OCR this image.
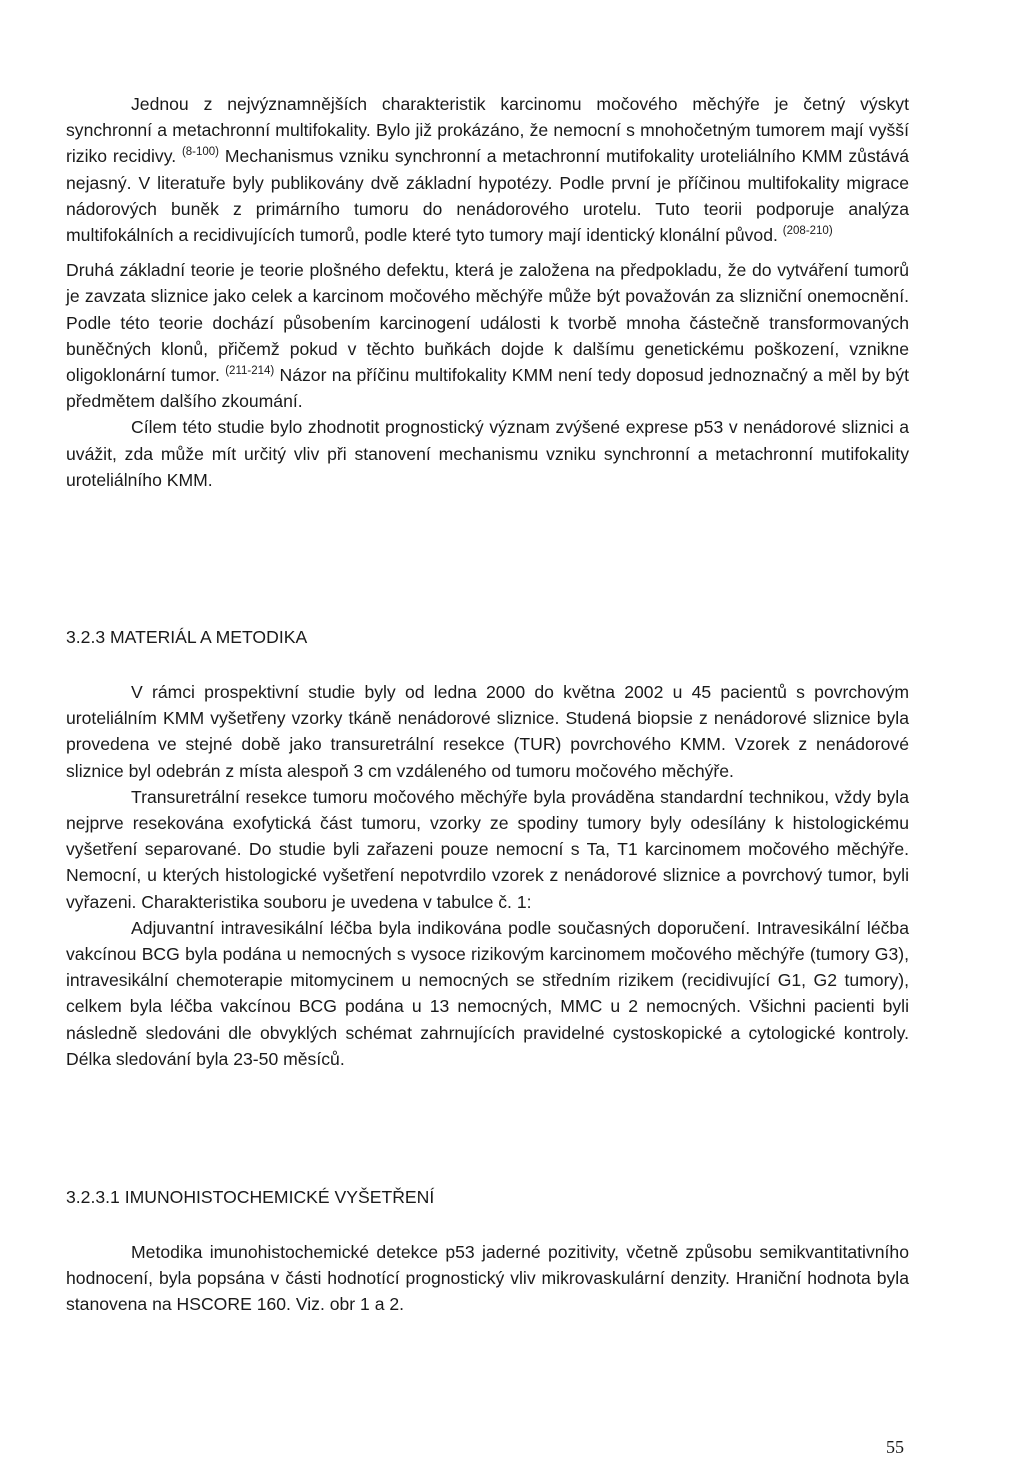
Jednou z nejvýznamnějších charakteristik karcinomu močového měchýře je četný výskyt synchronní a metachronní multifokality. Bylo již prokázáno, že nemocní s mnohočetným tumorem mají vyšší riziko recidivy. $^{(8-100)}$ Mechanismus vzniku synchronní a metachronní mutifokality uroteliálního KMM zůstává nejasný. V literatuře byly publikovány dvě základní hypotézy. Podle první je příčinou multifokality migrace nádorových buněk z primárního tumoru do nenádorového urotelu. Tuto teorii podporuje analýza multifokálních a recidivujících tumorů, podle které tyto tumory mají identický klonální původ. $^{(208-210)}$

Druhá základní teorie je teorie plošného defektu, která je založena na předpokladu, že do vytváření tumorů je zavzata sliznice jako celek a karcinom močového měchýře může být považován za slizniční onemocnění. Podle této teorie dochází působením karcinogení události k tvorbě mnoha částečně transformovaných buněčných klonů, přičemž pokud v těchto buňkách dojde k dalšímu genetickému poškození, vznikne oligoklonární tumor. $^{(211-214)}$ Názor na příčinu multifokality KMM není tedy doposud jednoznačný a měl by být předmětem dalšího zkoumání.

Cílem této studie bylo zhodnotit prognostický význam zvýšené exprese p53 v nenádorové sliznici a uvážit, zda může mít určitý vliv při stanovení mechanismu vzniku synchronní a metachronní mutifokality uroteliálního KMM.

3.2.3 MATERIÁL A METODIKA

V rámci prospektivní studie byly od ledna 2000 do května 2002 u 45 pacientů s povrchovým uroteliálním KMM vyšetřeny vzorky tkáně nenádorové sliznice. Studená biopsie z nenádorové sliznice byla provedena ve stejné době jako transuretrální resekce (TUR) povrchového KMM. Vzorek z nenádorové sliznice byl odebrán z místa alespoň 3 cm vzdáleného od tumoru močového měchýře.

Transuretrální resekce tumoru močového měchýře byla prováděna standardní technikou, vždy byla nejprve resekována exofytická část tumoru, vzorky ze spodiny tumory byly odesílány k histologickému vyšetření separované. Do studie byli zařazeni pouze nemocní s Ta, T1 karcinomem močového měchýře. Nemocní, u kterých histologické vyšetření nepotvrdilo vzorek z nenádorové sliznice a povrchový tumor, byli vyřazeni. Charakteristika souboru je uvedena v tabulce č. 1:

Adjuvantní intravesikální léčba byla indikována podle současných doporučení. Intravesikální léčba vakcínou BCG byla podána u nemocných s vysoce rizikovým karcinomem močového měchýře (tumory G3), intravesikální chemoterapie mitomycinem u nemocných se středním rizikem (recidivující G1, G2 tumory), celkem byla léčba vakcínou BCG podána u 13 nemocných, MMC u 2 nemocných. Všichni pacienti byli následně sledováni dle obvyklých schémat zahrnujících pravidelné cystoskopické a cytologické kontroly. Délka sledování byla 23-50 měsíců.

3.2.3.1 IMUNOHISTOCHEMICKÉ VYŠETŘENÍ

Metodika imunohistochemické detekce p53 jaderné pozitivity, včetně způsobu semikvantitativního hodnocení, byla popsána v části hodnotící prognostický vliv mikrovaskulární denzity. Hraniční hodnota byla stanovena na HSCORE 160. Viz. obr 1 a 2.

55
